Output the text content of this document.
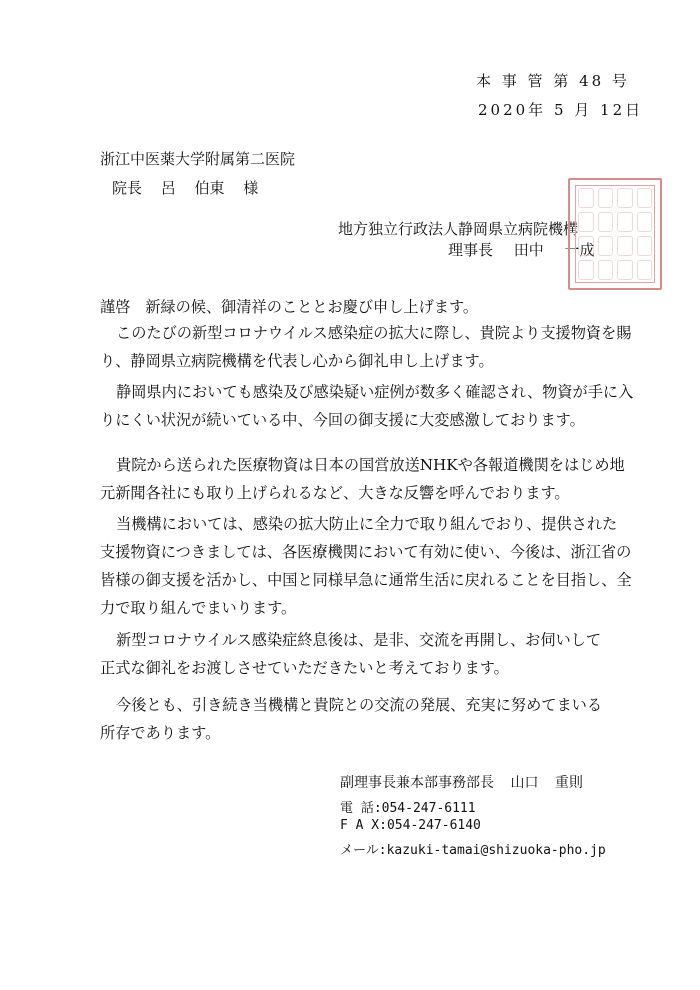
本 事 管 第 48 号
2020年 5 月 12日
浙江中医薬大学附属第二医院
院長 呂 伯東 様
地方独立行政法人静岡県立病院機構
理事長 田中 一成
謹啓 新緑の候、御清祥のこととお慶び申し上げます。
このたびの新型コロナウイルス感染症の拡大に際し、貴院より支援物資を賜
り、静岡県立病院機構を代表し心から御礼申し上げます。
静岡県内においても感染及び感染疑い症例が数多く確認され、物資が手に入
りにくい状況が続いている中、今回の御支援に大変感激しております。
貴院から送られた医療物資は日本の国営放送NHKや各報道機関をはじめ地
元新聞各社にも取り上げられるなど、大きな反響を呼んでおります。
当機構においては、感染の拡大防止に全力で取り組んでおり、提供された
支援物資につきましては、各医療機関において有効に使い、今後は、浙江省の
皆様の御支援を活かし、中国と同様早急に通常生活に戻れることを目指し、全
力で取り組んでまいります。
新型コロナウイルス感染症終息後は、是非、交流を再開し、お伺いして
正式な御礼をお渡しさせていただきたいと考えております。
今後とも、引き続き当機構と貴院との交流の発展、充実に努めてまいる
所存であります。
副理事長兼本部事務部長 山口 重則
電 話:054-247-6111
F A X:054-247-6140
メール:kazuki-tamai@shizuoka-pho.jp
